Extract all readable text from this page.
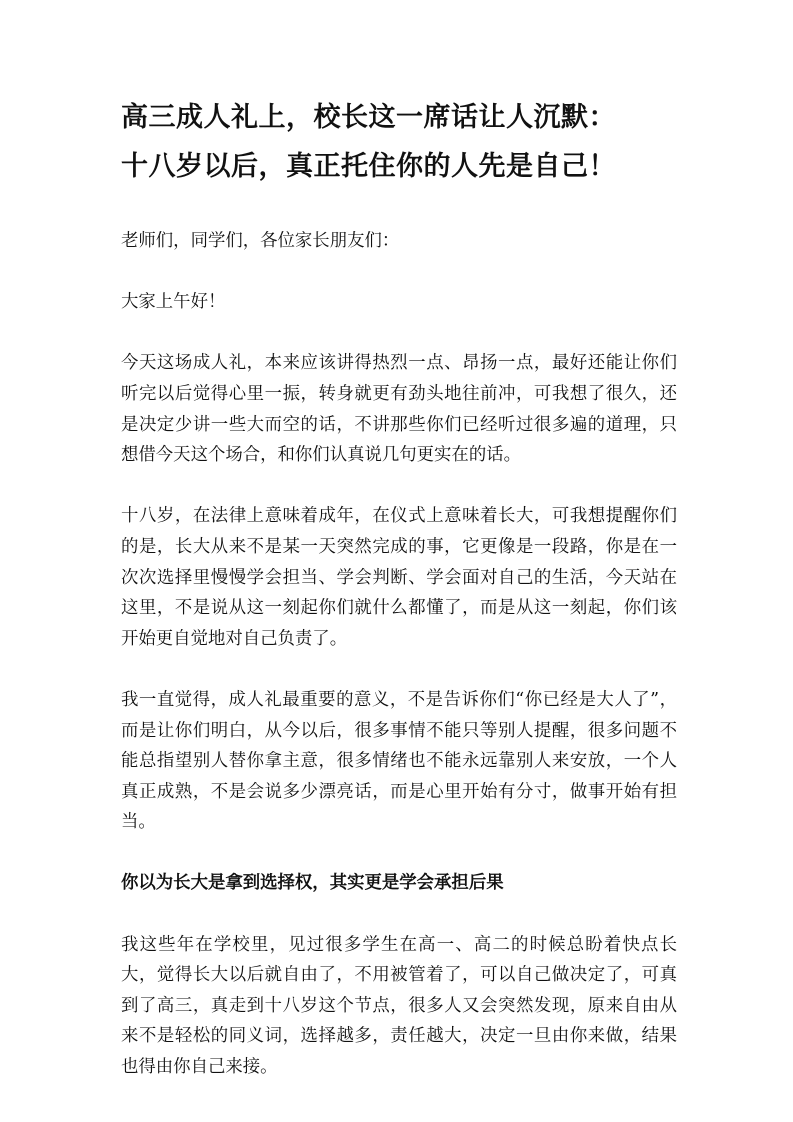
高三成人礼上，校长这一席话让人沉默：
十八岁以后，真正托住你的人先是自己！

老师们，同学们，各位家长朋友们：

大家上午好！

今天这场成人礼，本来应该讲得热烈一点、昂扬一点，最好还能让你们听完以后觉得心里一振，转身就更有劲头地往前冲，可我想了很久，还是决定少讲一些大而空的话，不讲那些你们已经听过很多遍的道理，只想借今天这个场合，和你们认真说几句更实在的话。

十八岁，在法律上意味着成年，在仪式上意味着长大，可我想提醒你们的是，长大从来不是某一天突然完成的事，它更像是一段路，你是在一次次选择里慢慢学会担当、学会判断、学会面对自己的生活，今天站在这里，不是说从这一刻起你们就什么都懂了，而是从这一刻起，你们该开始更自觉地对自己负责了。

我一直觉得，成人礼最重要的意义，不是告诉你们“你已经是大人了”，而是让你们明白，从今以后，很多事情不能只等别人提醒，很多问题不能总指望别人替你拿主意，很多情绪也不能永远靠别人来安放，一个人真正成熟，不是会说多少漂亮话，而是心里开始有分寸，做事开始有担当。

你以为长大是拿到选择权，其实更是学会承担后果

我这些年在学校里，见过很多学生在高一、高二的时候总盼着快点长大，觉得长大以后就自由了，不用被管着了，可以自己做决定了，可真到了高三，真走到十八岁这个节点，很多人又会突然发现，原来自由从来不是轻松的同义词，选择越多，责任越大，决定一旦由你来做，结果也得由你自己来接。
